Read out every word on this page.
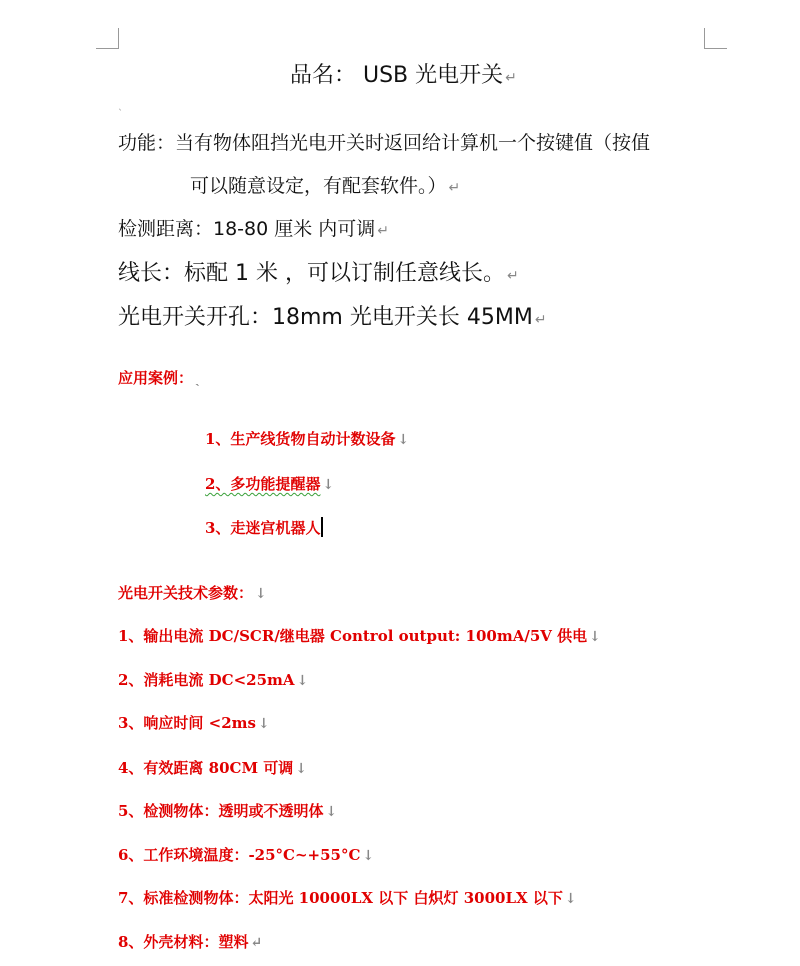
品名： USB 光电开关 ↵
ˎ
功能：当有物体阻挡光电开关时返回给计算机一个按键值（按值
可以随意设定，有配套软件。） ↵
检测距离：18-80 厘米 内可调 ↵
线长：标配 1 米 ，可以订制任意线长。 ↵
光电开关开孔：18mm 光电开关长 45MM ↵
应用案例： ˎ
1、生产线货物自动计数设备 ↓
2、多功能提醒器 ↓
3、走迷宫机器人
光电开关技术参数： ↓
1、输出电流 DC/SCR/继电器 Control output: 100mA/5V 供电 ↓
2、消耗电流 DC<25mA ↓
3、响应时间 <2ms ↓
4、有效距离 80CM 可调 ↓
5、检测物体：透明或不透明体 ↓
6、工作环境温度：-25°C~+55°C ↓
7、标准检测物体：太阳光 10000LX 以下 白炽灯 3000LX 以下 ↓
8、外壳材料：塑料 ↵
